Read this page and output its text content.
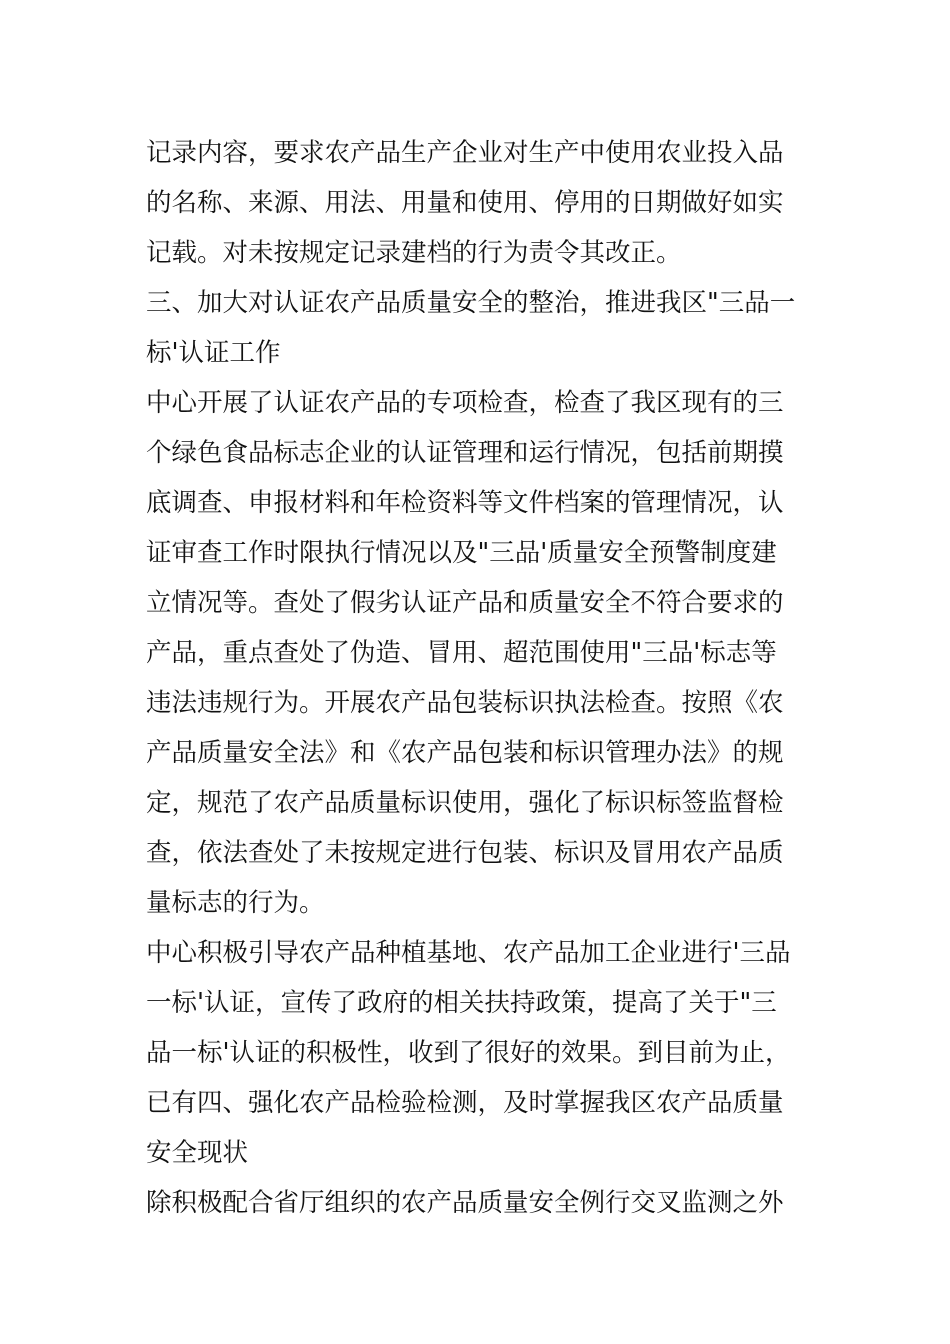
记录内容，要求农产品生产企业对生产中使用农业投入品
的名称、来源、用法、用量和使用、停用的日期做好如实
记载。对未按规定记录建档的行为责令其改正。
三、加大对认证农产品质量安全的整治，推进我区"三品一
标'认证工作
中心开展了认证农产品的专项检查，检查了我区现有的三
个绿色食品标志企业的认证管理和运行情况，包括前期摸
底调查、申报材料和年检资料等文件档案的管理情况，认
证审查工作时限执行情况以及"三品'质量安全预警制度建
立情况等。查处了假劣认证产品和质量安全不符合要求的
产品，重点查处了伪造、冒用、超范围使用"三品'标志等
违法违规行为。开展农产品包装标识执法检查。按照《农
产品质量安全法》和《农产品包装和标识管理办法》的规
定，规范了农产品质量标识使用，强化了标识标签监督检
查，依法查处了未按规定进行包装、标识及冒用农产品质
量标志的行为。
中心积极引导农产品种植基地、农产品加工企业进行'三品
一标'认证，宣传了政府的相关扶持政策，提高了关于"三
品一标'认证的积极性，收到了很好的效果。到目前为止，
已有四、强化农产品检验检测，及时掌握我区农产品质量
安全现状
除积极配合省厅组织的农产品质量安全例行交叉监测之外
